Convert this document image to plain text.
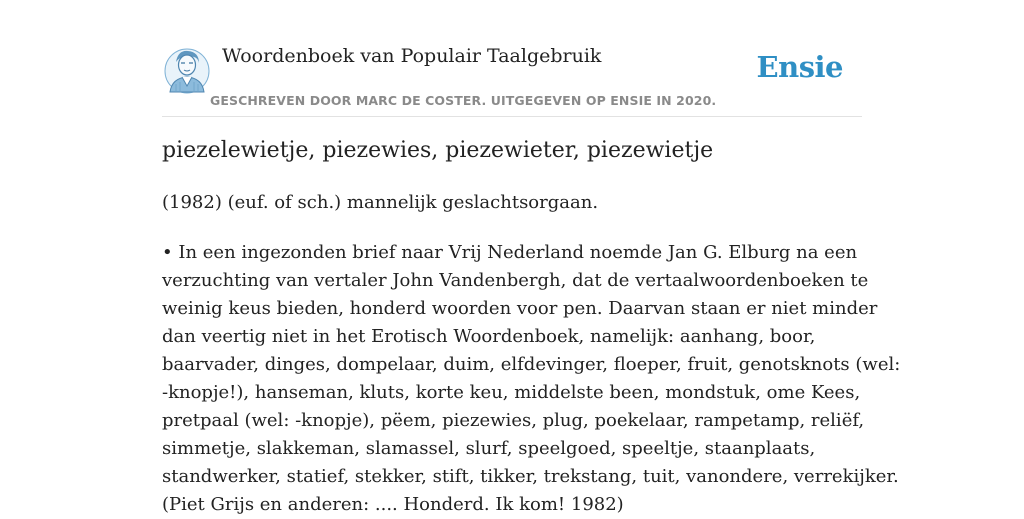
Woordenboek van Populair Taalgebruik
GESCHREVEN DOOR MARC DE COSTER. UITGEGEVEN OP ENSIE IN 2020.
Ensie
piezelewietje, piezewies, piezewieter, piezewietje

(1982) (euf. of sch.) mannelijk geslachtsorgaan.

• In een ingezonden brief naar Vrij Nederland noemde Jan G. Elburg na een
verzuchting van vertaler John Vandenbergh, dat de vertaalwoordenboeken te
weinig keus bieden, honderd woorden voor pen. Daarvan staan er niet minder
dan veertig niet in het Erotisch Woordenboek, namelijk: aanhang, boor,
baarvader, dinges, dompelaar, duim, elfdevinger, floeper, fruit, genotsknots (wel:
-knopje!), hanseman, kluts, korte keu, middelste been, mondstuk, ome Kees,
pretpaal (wel: -knopje), pëem, piezewies, plug, poekelaar, rampetamp, reliëf,
simmetje, slakkeman, slamassel, slurf, speelgoed, speeltje, staanplaats,
standwerker, statief, stekker, stift, tikker, trekstang, tuit, vanondere, verrekijker.
(Piet Grijs en anderen: .... Honderd. Ik kom! 1982)
